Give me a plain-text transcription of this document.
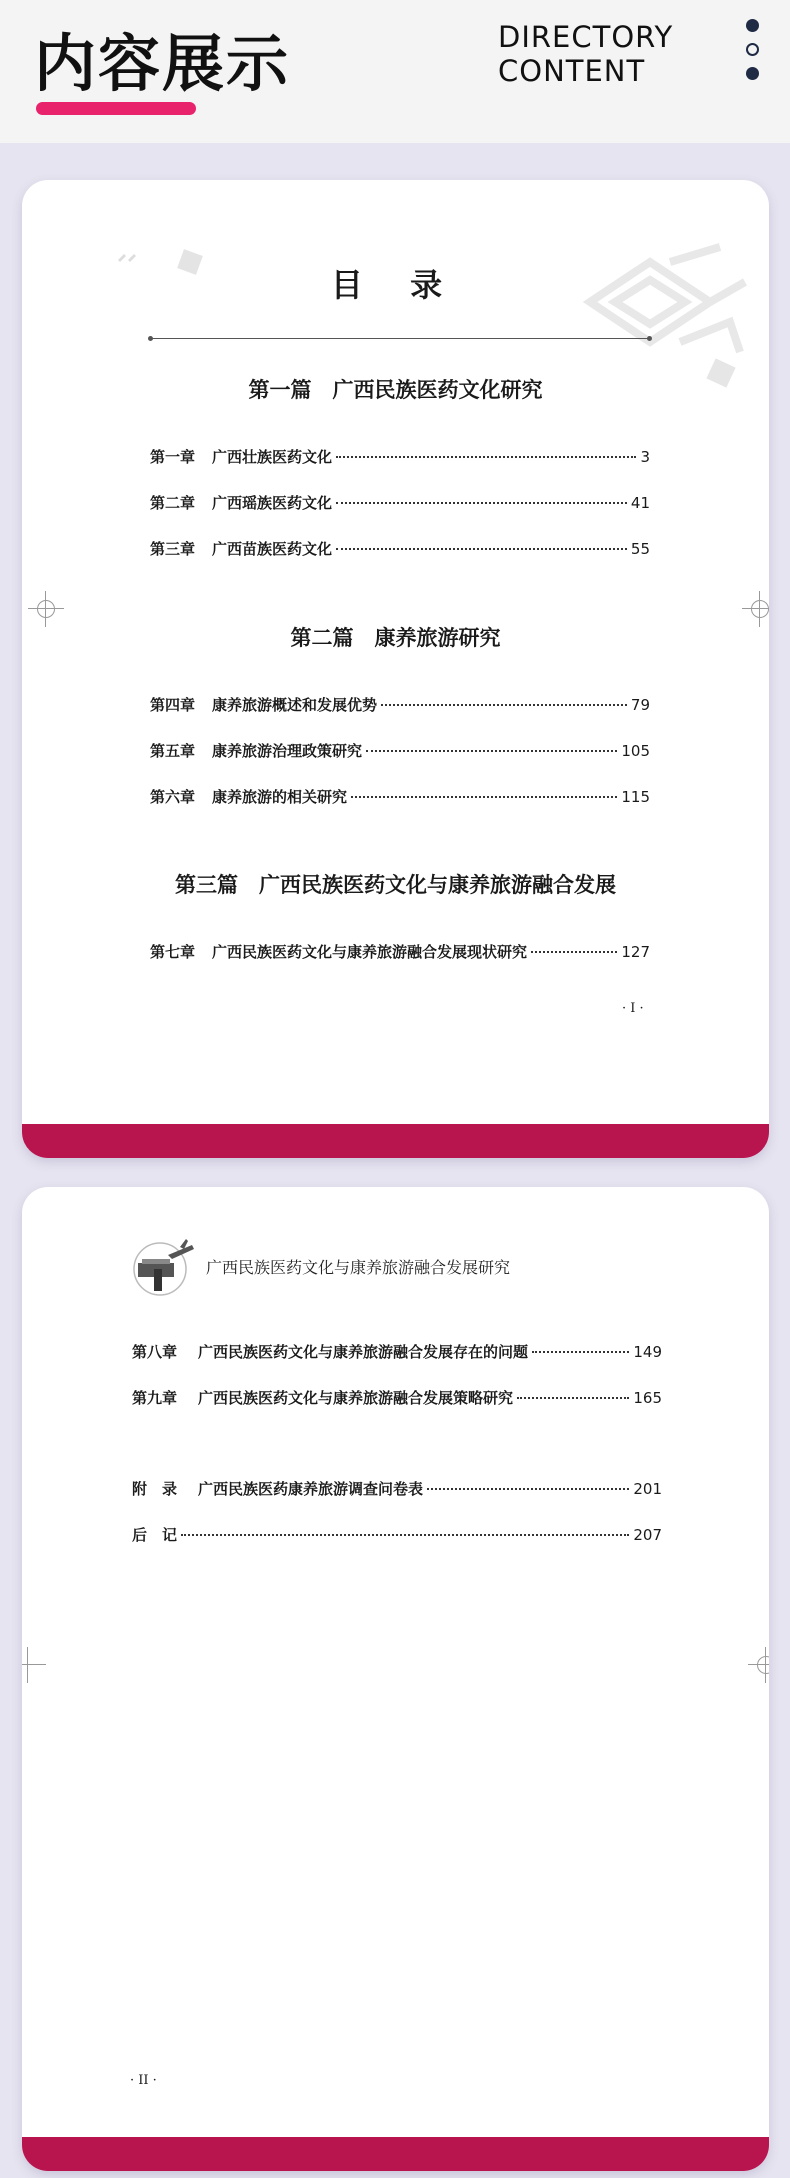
内容展示	DIRECTORY
CONTENT
目 录
第一篇　广西民族医药文化研究
第一章	广西壮族医药文化	3
第二章	广西瑶族医药文化	41
第三章	广西苗族医药文化	55
第二篇　康养旅游研究
第四章	康养旅游概述和发展优势	79
第五章	康养旅游治理政策研究	105
第六章	康养旅游的相关研究	115
第三篇　广西民族医药文化与康养旅游融合发展
第七章	广西民族医药文化与康养旅游融合发展现状研究	127
· I ·
广西民族医药文化与康养旅游融合发展研究
第八章	广西民族医药文化与康养旅游融合发展存在的问题	149
第九章	广西民族医药文化与康养旅游融合发展策略研究	165
附　录	广西民族医药康养旅游调查问卷表	201
后　记	207
· II ·
